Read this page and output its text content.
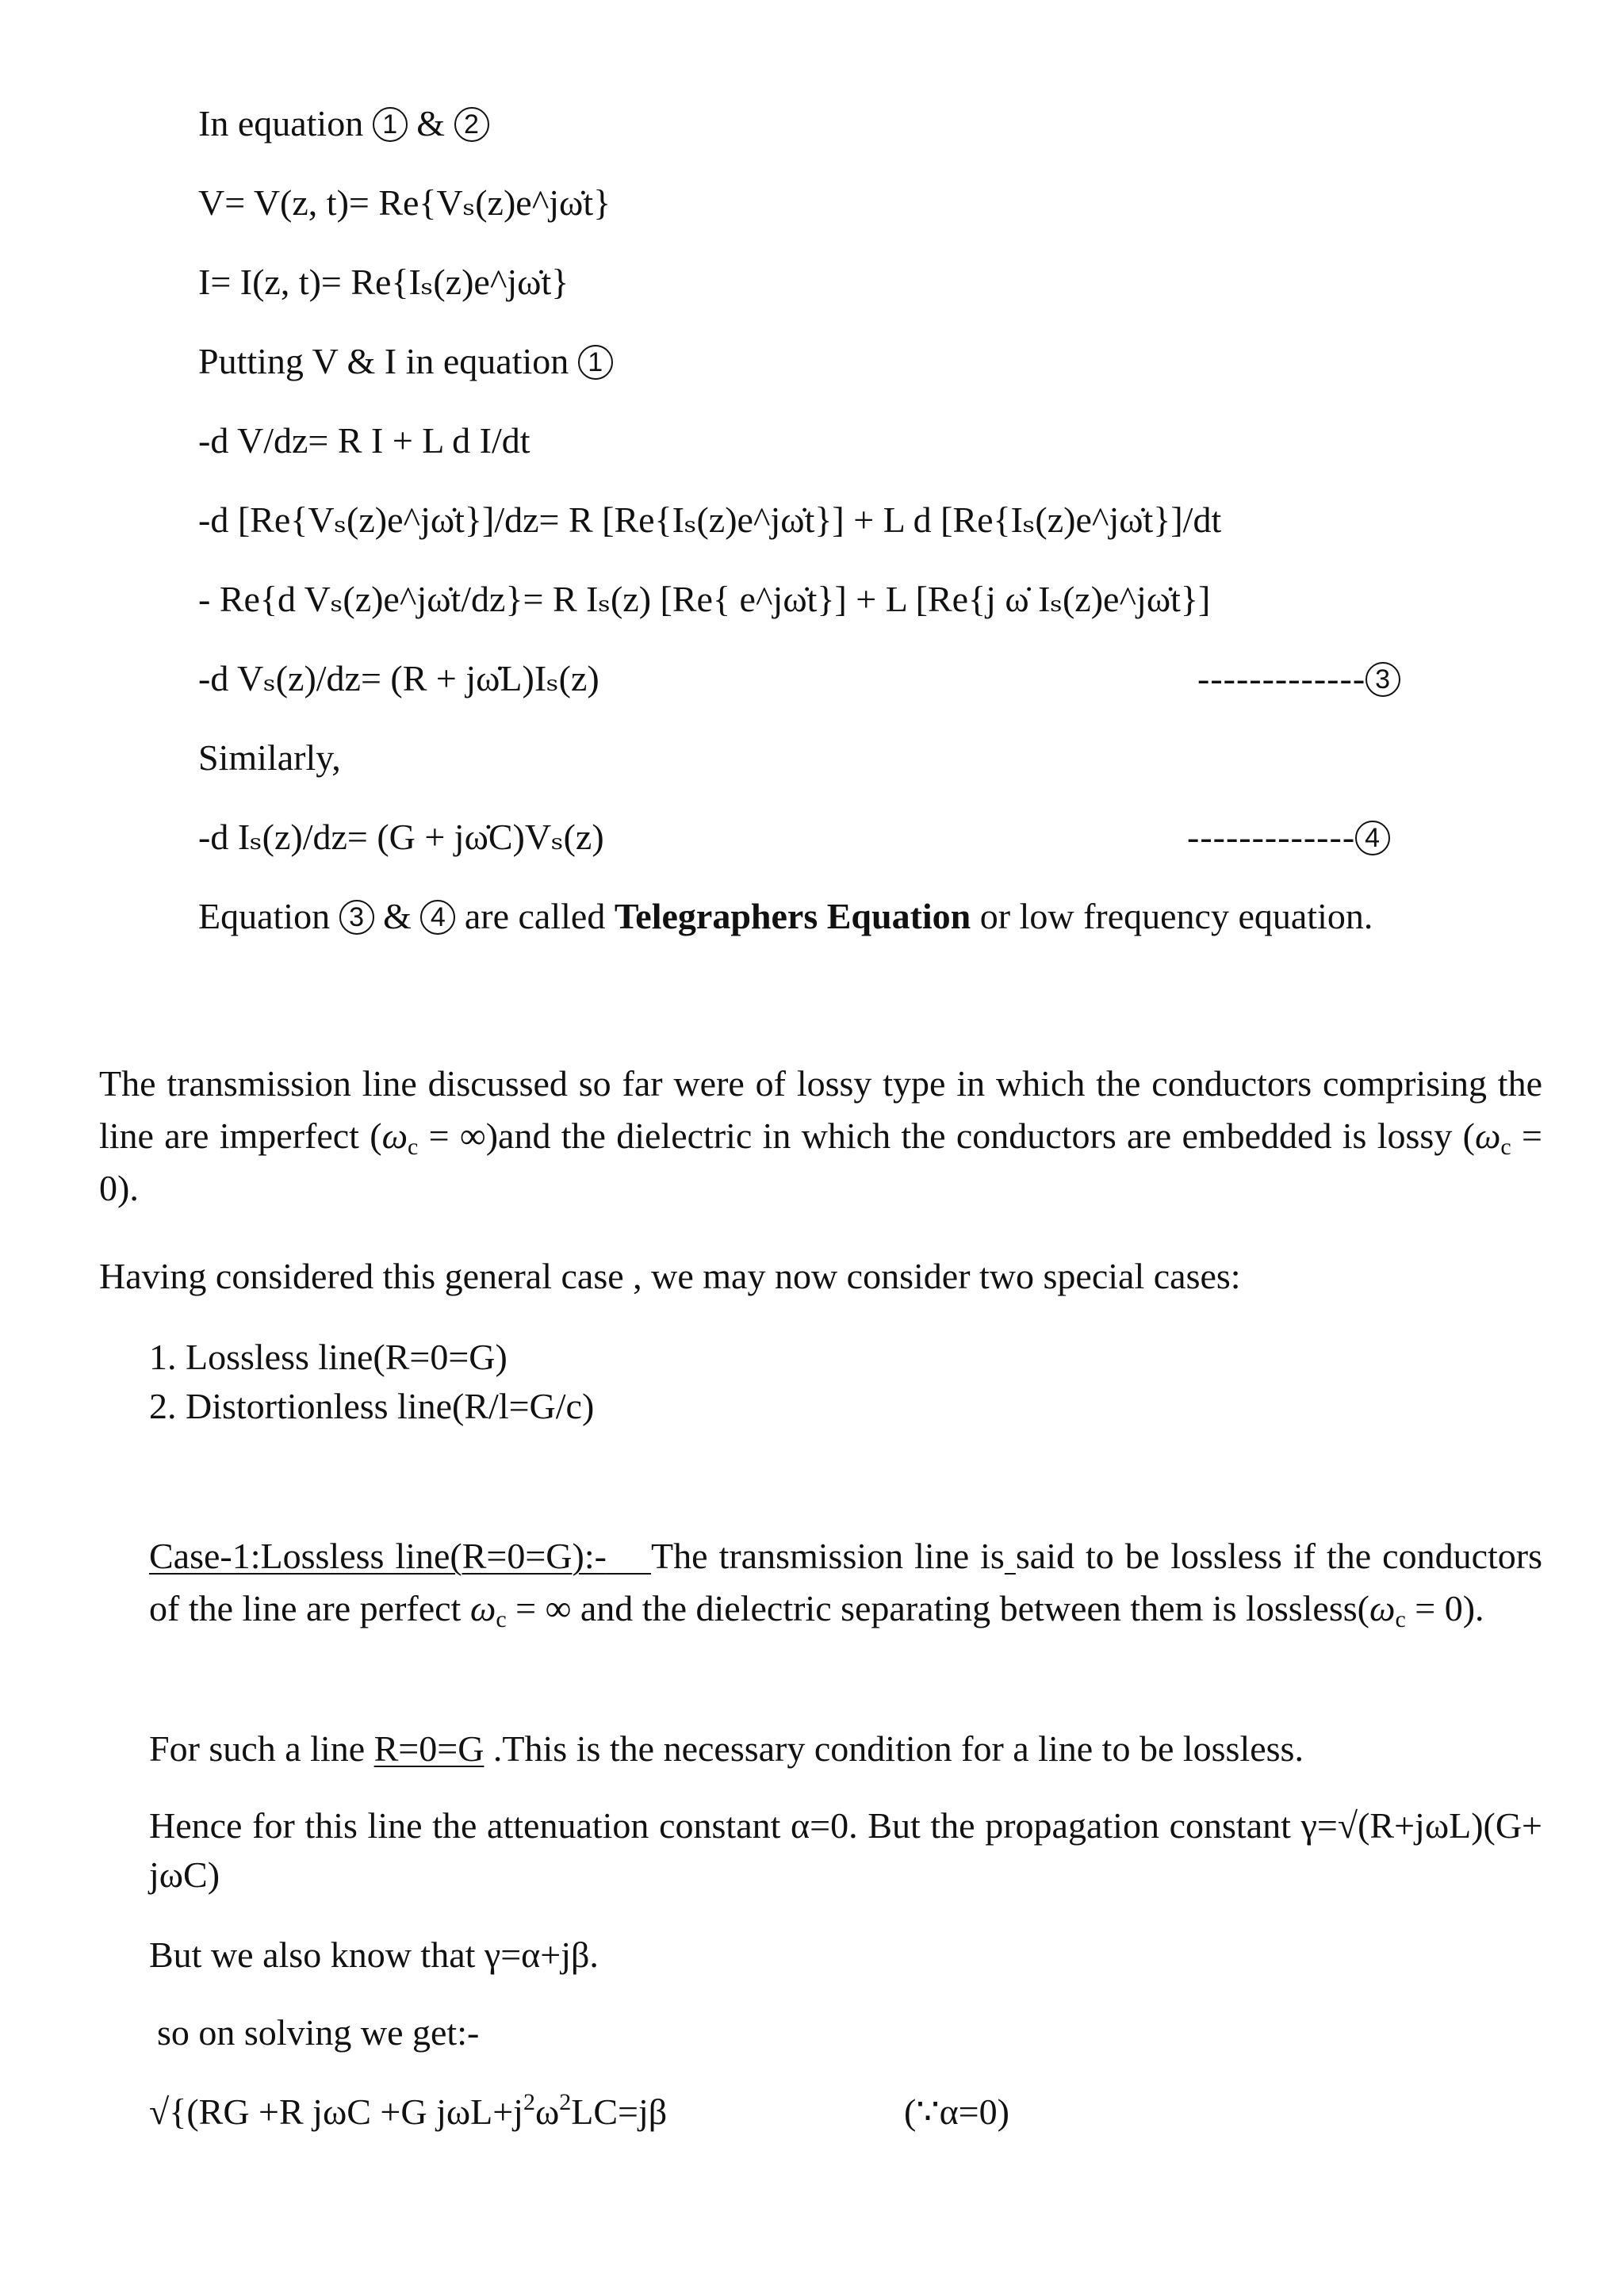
In equation 1 & 2
V= V(z, t)= Re{Vₛ(z)e^jω̇t}
I= I(z, t)= Re{Iₛ(z)e^jω̇t}
Putting V & I in equation 1
-d V/dz= R I + L d I/dt
-d [Re{Vₛ(z)e^jω̇t}]/dz= R [Re{Iₛ(z)e^jω̇t}] + L d [Re{Iₛ(z)e^jω̇t}]/dt
- Re{d Vₛ(z)e^jω̇t/dz}= R Iₛ(z) [Re{ e^jω̇t}] + L [Re{j ω̇ Iₛ(z)e^jω̇t}]
-d Vₛ(z)/dz= (R + jω̇L)Iₛ(z)	------------- 3
Similarly,
-d Iₛ(z)/dz= (G + jω̇C)Vₛ(z)	------------- 4
Equation 3 & 4 are called Telegraphers Equation or low frequency equation.
The transmission line discussed so far were of lossy type in which the conductors comprising the line are imperfect $(\omega_c = \infty)and$ the dielectric in which the conductors are embedded is lossy $(\omega_c = 0)$.
Having considered this general case , we may now consider two special cases:
1. Lossless line(R=0=G)
2. Distortionless line(R/l=G/c)
Case-1:Lossless line(R=0=G):- The transmission line is said to be lossless if the conductors of the line are perfect $\omega_c$ = ∞ and the dielectric separating between them is $lossless(\omega_c = 0)$.
For such a line R=0=G .This is the necessary condition for a line to be lossless.
Hence for this line the attenuation constant α=0. But the propagation constant γ=√(R+jωL)(G+ jωC)
But we also know that γ=α+jβ.
so on solving we get:-
√{(RG +R jωC +G $j\omega L+j^2\omega^2LC=j\beta$	(∵α=0)
